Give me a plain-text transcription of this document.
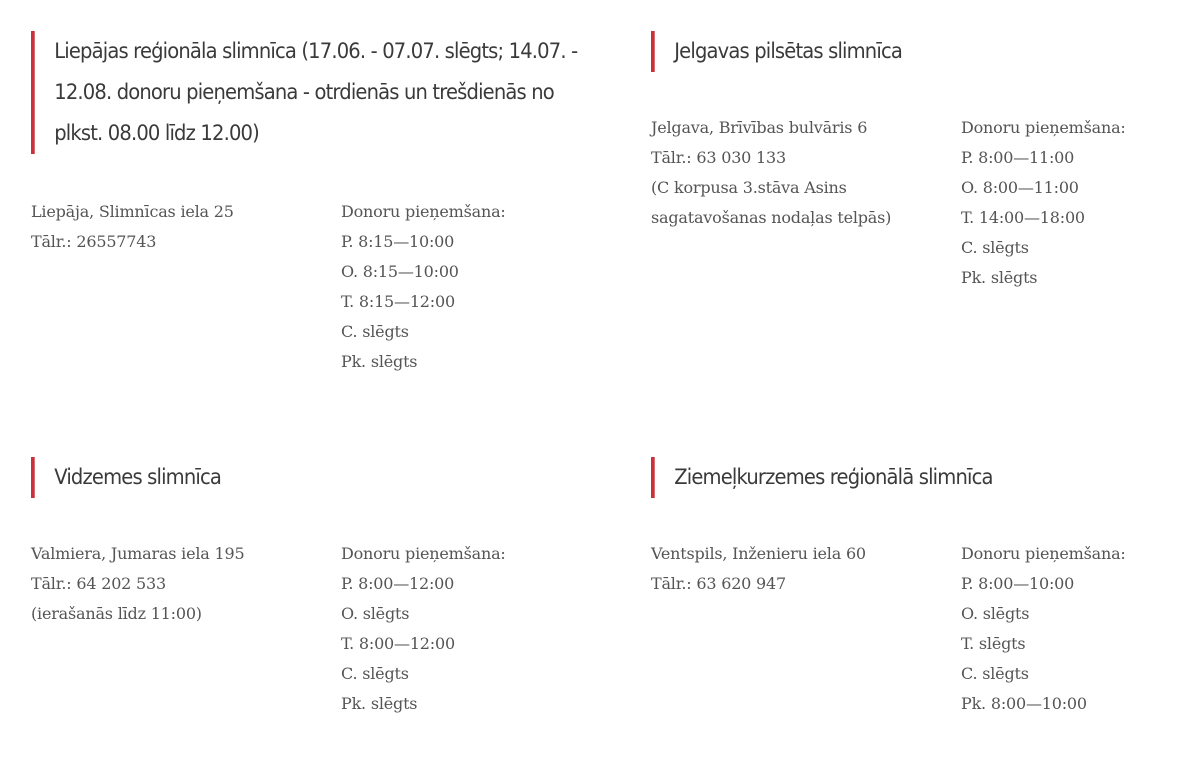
Liepājas reģionāla slimnīca (17.06. - 07.07. slēgts; 14.07. -
12.08. donoru pieņemšana - otrdienās un trešdienās no
plkst. 08.00 līdz 12.00)
Liepāja, Slimnīcas iela 25
Tālr.: 26557743
Donoru pieņemšana:
P. 8:15—10:00
O. 8:15—10:00
T. 8:15—12:00
C. slēgts
Pk. slēgts
Jelgavas pilsētas slimnīca
Jelgava, Brīvības bulvāris 6
Tālr.: 63 030 133
(C korpusa 3.stāva Asins
sagatavošanas nodaļas telpās)
Donoru pieņemšana:
P. 8:00—11:00
O. 8:00—11:00
T. 14:00—18:00
C. slēgts
Pk. slēgts
Vidzemes slimnīca
Valmiera, Jumaras iela 195
Tālr.: 64 202 533
(ierašanās līdz 11:00)
Donoru pieņemšana:
P. 8:00—12:00
O. slēgts
T. 8:00—12:00
C. slēgts
Pk. slēgts
Ziemeļkurzemes reģionālā slimnīca
Ventspils, Inženieru iela 60
Tālr.: 63 620 947
Donoru pieņemšana:
P. 8:00—10:00
O. slēgts
T. slēgts
C. slēgts
Pk. 8:00—10:00
